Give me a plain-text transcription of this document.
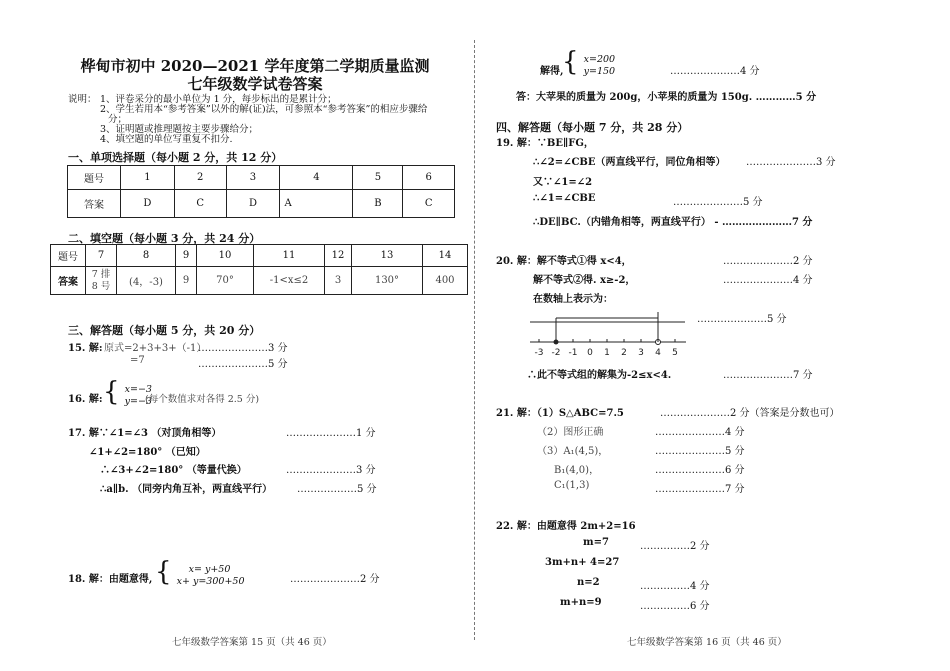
桦甸市初中 2020—2021 学年度第二学期质量监测
七年级数学试卷答案
说明： 1、评卷采分的最小单位为 1 分，每步标出的是累计分；
2、学生若用本“参考答案”以外的解(证)法，可参照本“参考答案”的相应步骤给
分；
3、证明题或推理题按主要步骤给分；
4、填空题的单位写重复不扣分.
一、单项选择题（每小题 2 分，共 12 分）
题号	1	2	3	4	5	6
答案	D	C	D	A	B	C
二、填空题（每小题 3 分，共 24 分）
题号	7	8	9	10	11	12	13	14
答案	7 排
8 号	(4，-3)	9	70°	-1<x≤2	3	130°	400
三、解答题（每小题 5 分，共 20 分）
15. 解: 原式=2+3+3+（-1）
…………………3 分
=7	…………………5 分
16. 解: { x=−3
y=−3
(每个数值求对各得 2.5 分)
17. 解∵∠1=∠3 （对顶角相等）	…………………1 分
∠1+∠2=180° （已知）
∴∠3+∠2=180° （等量代换）	…………………3 分
∴a∥b. （同旁内角互补，两直线平行） ………………5 分
18. 解：由题意得, {	x= y+50
x+ y=300+50	…………………2 分
解得,
{ x=200
y=150	…………………4 分
答：大苹果的质量为 200g，小苹果的质量为 150g. …………5 分
四、解答题（每小题 7 分，共 28 分）
19. 解：∵BE∥FG，
∴∠2=∠CBE（两直线平行，同位角相等） …………………3 分
又∵∠1=∠2
∴∠1=∠CBE	…………………5 分
∴DE∥BC.（内错角相等，两直线平行） - …………………7 分
20. 解：解不等式①得 x<4，	…………………2 分
解不等式②得. x≥-2，	…………………4 分
在数轴上表示为：
…………………5 分
-3 -2 -1 0 1 2 3 4 5
∴此不等式组的解集为-2≤x<4.	…………………7 分
21. 解：（1）S△ABC=7.5	…………………2 分（答案是分数也可）
（2）图形正确	…………………4 分
（3）A₁(4,5)，	…………………5 分
B₁(4,0)，	…………………6 分
C₁(1,3)	…………………7 分
22. 解：由题意得 2m+2=16
m=7	……………2 分
3m+n+ 4=27
n=2	……………4 分
m+n=9	……………6 分
七年级数学答案第 15 页（共 46 页）	七年级数学答案第 16 页（共 46 页）
